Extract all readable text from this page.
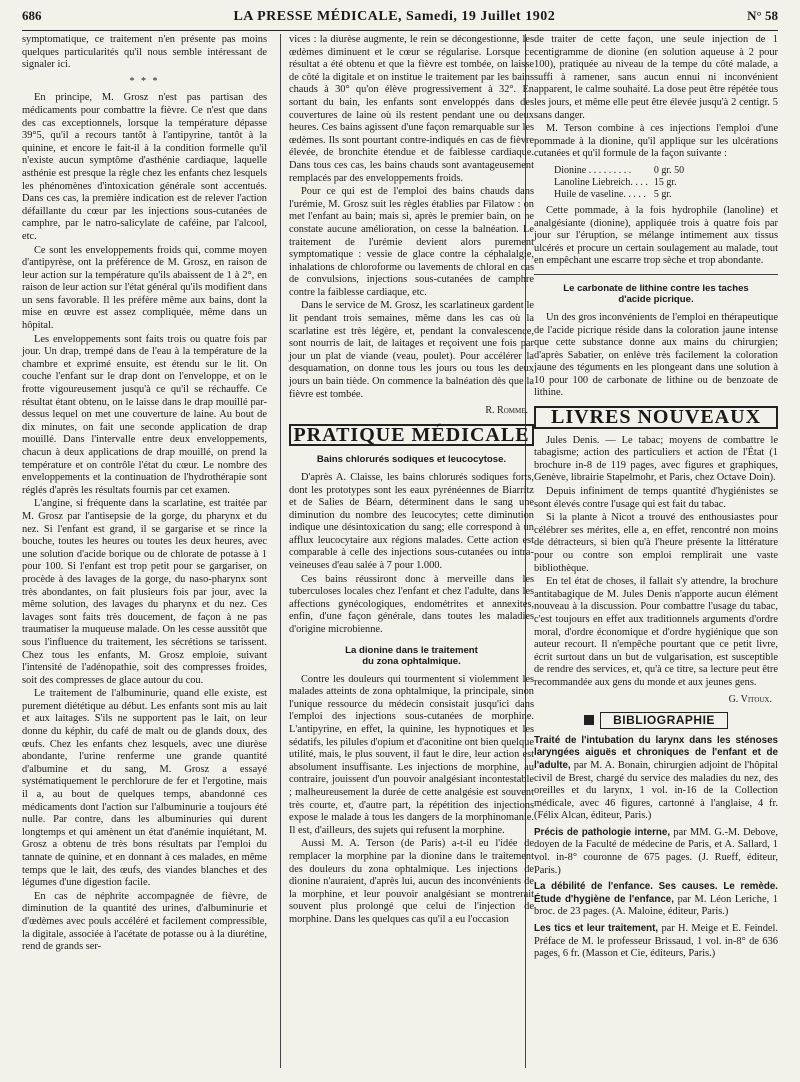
686	LA PRESSE MÉDICALE, Samedi, 19 Juillet 1902	N° 58

symptomatique, ce traitement n'en présente pas moins quelques particularités qu'il nous semble intéressant de signaler ici.

* * *

En principe, M. Grosz n'est pas partisan des médicaments pour combattre la fièvre. Ce n'est que dans des cas exceptionnels, lorsque la température dépasse 39°5, qu'il a recours tantôt à l'antipyrine, tantôt à la quinine, et encore le fait-il à la condition formelle qu'il n'existe aucun symptôme d'asthénie cardiaque, laquelle asthénie est presque la règle chez les enfants chez lesquels les phénomènes d'intoxication générale sont accentués. Dans ces cas, la première indication est de relever l'action défaillante du cœur par les injections sous-cutanées de camphre, par le natro-salicylate de caféine, par l'alcool, etc.

Ce sont les enveloppements froids qui, comme moyen d'antipyrèse, ont la préférence de M. Grosz, en raison de leur action sur la température qu'ils abaissent de 1 à 2°, en raison de leur action sur l'état général qu'ils modifient dans un sens favorable. Il les préfère même aux bains, dont la mise en œuvre est assez compliquée, même dans un hôpital.

Les enveloppements sont faits trois ou quatre fois par jour. Un drap, trempé dans de l'eau à la température de la chambre et exprimé ensuite, est étendu sur le lit. On couche l'enfant sur le drap dont on l'enveloppe, et on le frotte vigoureusement jusqu'à ce qu'il se réchauffe. Ce résultat étant obtenu, on le laisse dans le drap mouillé par-dessus lequel on met une couverture de laine. Au bout de dix minutes, on fait une seconde application de drap mouillé. Dans l'intervalle entre deux enveloppements, chacun à deux applications de drap mouillé, on prend la température et on contrôle l'état du cœur. Le nombre des enveloppements et la continuation de l'hydrothérapie sont réglés d'après les résultats fournis par cet examen.

L'angine, si fréquente dans la scarlatine, est traitée par M. Grosz par l'antisepsie de la gorge, du pharynx et du nez. Si l'enfant est grand, il se gargarise et se rince la bouche, toutes les heures ou toutes les deux heures, avec une solution d'acide borique ou de chlorate de potasse à 1 pour 100. Si l'enfant est trop petit pour se gargariser, on procède à des lavages de la gorge, du naso-pharynx sont très abondantes, on fait plusieurs fois par jour, avec la même solution, des lavages du pharynx et du nez. Ces lavages sont faits très doucement, de façon à ne pas traumatiser la muqueuse malade. On les cesse aussitôt que sous l'influence du traitement, les sécrétions se tarissent. Chez tous les enfants, M. Grosz emploie, suivant l'intensité de l'adénopathie, soit des compresses froides, soit des compresses de glace autour du cou.

Le traitement de l'albuminurie, quand elle existe, est purement diététique au début. Les enfants sont mis au lait et aux laitages. S'ils ne supportent pas le lait, on leur donne du képhir, du café de malt ou de glands doux, des œufs. Chez les enfants chez lesquels, avec une diurèse abondante, l'urine renferme une grande quantité d'albumine et du sang, M. Grosz a essayé systématiquement le perchlorure de fer et l'ergotine, mais il a, au bout de quelques temps, abandonné ces médicaments dont l'action sur l'albuminurie a toujours été nulle. Par contre, dans les albuminuries qui durent longtemps et qui amènent un état d'anémie inquiétant, M. Grosz a obtenu de très bons résultats par l'emploi du tannate de quinine, et en donnant à ces malades, en même temps que le lait, des œufs, des viandes blanches et des légumes d'une digestion facile.

En cas de néphrite accompagnée de fièvre, de diminution de la quantité des urines, d'albuminurie et d'œdèmes avec pouls accéléré et facilement compressible, la digitale, associée à l'acétate de potasse ou à la diurétine, rend de grands ser-

vices : la diurèse augmente, le rein se décongestionne, les œdèmes diminuent et le cœur se régularise. Lorsque ce résultat a été obtenu et que la fièvre est tombée, on laisse de côté la digitale et on institue le traitement par les bains chauds à 30° qu'on élève progressivement à 32°. En sortant du bain, les enfants sont enveloppés dans des couvertures de laine où ils restent pendant une ou deux heures. Ces bains agissent d'une façon remarquable sur les œdèmes. Ils sont pourtant contre-indiqués en cas de fièvre élevée, de bronchite étendue et de faiblesse cardiaque. Dans tous ces cas, les bains chauds sont avantageusement remplacés par des enveloppements froids.

Pour ce qui est de l'emploi des bains chauds dans l'urémie, M. Grosz suit les règles établies par Filatow : on met l'enfant au bain; mais si, après le premier bain, on ne constate aucune amélioration, on cesse la balnéation. Le traitement de l'urémie devient alors purement symptomatique : vessie de glace contre la céphalalgie, inhalations de chloroforme ou lavements de chloral en cas de convulsions, injections sous-cutanées de camphre contre la faiblesse cardiaque, etc.

Dans le service de M. Grosz, les scarlatineux gardent le lit pendant trois semaines, même dans les cas où la scarlatine est très légère, et, pendant la convalescence, sont nourris de lait, de laitages et reçoivent une fois par jour un plat de viande (veau, poulet). Pour accélérer la desquamation, on donne tous les jours ou tous les deux jours un bain tiède. On commence la balnéation dès que la fièvre est tombée.

R. Romme.
PRATIQUE MÉDICALE
Bains chlorurés sodiques et leucocytose.

D'après A. Claisse, les bains chlorurés sodiques forts, dont les prototypes sont les eaux pyrénéennes de Biarritz et de Salies de Béarn, déterminent dans le sang une diminution du nombre des leucocytes; cette diminution indique une désintoxication du sang; elle correspond à un afflux leucocytaire aux régions malades. Cette action est comparable à celle des injections sous-cutanées ou intra-veineuses d'eau salée à 7 pour 1.000.

Ces bains réussiront donc à merveille dans les tuberculoses locales chez l'enfant et chez l'adulte, dans les affections gynécologiques, endométrites et annexites, enfin, d'une façon générale, dans toutes les maladies d'origine microbienne.

La dionine dans le traitement
du zona ophtalmique.

Contre les douleurs qui tourmentent si violemment les malades atteints de zona ophtalmique, la principale, sinon l'unique ressource du médecin consistait jusqu'ici dans l'emploi des injections sous-cutanées de morphine. L'antipyrine, en effet, la quinine, les hypnotiques et les sédatifs, les pilules d'opium et d'aconitine ont bien quelque utilité, mais, le plus souvent, il faut le dire, leur action est absolument insuffisante. Les injections de morphine, au contraire, jouissent d'un pouvoir analgésiant incontestable ; malheureusement la durée de cette analgésie est souvent très courte, et, d'autre part, la répétition des injections expose le malade à tous les dangers de la morphinomanie. Il est, d'ailleurs, des sujets qui refusent la morphine.

Aussi M. A. Terson (de Paris) a-t-il eu l'idée de remplacer la morphine par la dionine dans le traitement des douleurs du zona ophtalmique. Les injections de dionine n'auraient, d'après lui, aucun des inconvénients de la morphine, et leur pouvoir analgésiant se montrerait souvent plus prolongé que celui de l'injection de morphine. Dans les quelques cas qu'il a eu l'occasion

de traiter de cette façon, une seule injection de 1 centigramme de dionine (en solution aqueuse à 2 pour 100), pratiquée au niveau de la tempe du côté malade, a suffi à ramener, sans aucun ennui ni inconvénient apparent, le calme souhaité. La dose peut être répétée tous les jours, et même elle peut être élevée jusqu'à 2 centigr. 5 sans danger.

M. Terson combine à ces injections l'emploi d'une pommade à la dionine, qu'il applique sur les ulcérations cutanées et qu'il formule de la façon suivante :

Dionine . . . . . . . . .	0 gr. 50
Lanoline Liebreich. . . .	15 gr.
Huile de vaseline. . . . .	5 gr.

Cette pommade, à la fois hydrophile (lanoline) et analgésiante (dionine), appliquée trois à quatre fois par jour sur l'éruption, se mélange intimement aux tissus ulcérés et procure un certain soulagement au malade, tout en empêchant une escarre trop sèche et trop abondante.

Le carbonate de lithine contre les taches
d'acide picrique.

Un des gros inconvénients de l'emploi en thérapeutique de l'acide picrique réside dans la coloration jaune intense que cette substance donne aux mains du chirurgien; d'après Sabatier, on enlève très facilement la coloration jaune des téguments en les plongeant dans une solution à 10 pour 100 de carbonate de lithine ou de benzoate de lithine.

LIVRES NOUVEAUX

Jules Denis. — Le tabac; moyens de combattre le tabagisme; action des particuliers et action de l'État (1 brochure in-8 de 119 pages, avec figures et graphiques, Genève, librairie Stapelmohr, et Paris, chez Octave Doin).

Depuis infiniment de temps quantité d'hygiénistes se sont élevés contre l'usage qui est fait du tabac.

Si la plante à Nicot a trouvé des enthousiastes pour célébrer ses mérites, elle a, en effet, rencontré non moins de détracteurs, si bien qu'à l'heure présente la littérature pour ou contre son emploi remplirait une vaste bibliothèque.

En tel état de choses, il fallait s'y attendre, la brochure antitabagique de M. Jules Denis n'apporte aucun élément nouveau à la discussion. Pour combattre l'usage du tabac, c'est toujours en effet aux traditionnels arguments d'ordre moral, d'ordre économique et d'ordre hygiénique que son auteur recourt. Il n'empêche pourtant que ce petit livre, écrit surtout dans un but de vulgarisation, est susceptible de rendre des services, et, qu'à ce titre, sa lecture peut être recommandée aux gens du monde et aux jeunes gens.

G. Vitoux.
BIBLIOGRAPHIE

Traité de l'intubation du larynx dans les sténoses laryngées aiguës et chroniques de l'enfant et de l'adulte, par M. A. Bonain, chirurgien adjoint de l'hôpital civil de Brest, chargé du service des maladies du nez, des oreilles et du larynx, 1 vol. in-16 de la Collection médicale, avec 46 figures, cartonné à l'anglaise, 4 fr. (Félix Alcan, éditeur, Paris.)

Précis de pathologie interne, par MM. G.-M. Debove, doyen de la Faculté de médecine de Paris, et A. Sallard, 1 vol. in-8° couronne de 675 pages. (J. Rueff, éditeur, Paris.)

La débilité de l'enfance. Ses causes. Le remède. Étude d'hygiène de l'enfance, par M. Léon Leriche, 1 broc. de 23 pages. (A. Maloine, éditeur, Paris.)

Les tics et leur traitement, par H. Meige et E. Feindel. Préface de M. le professeur Brissaud, 1 vol. in-8° de 636 pages, 6 fr. (Masson et Cie, éditeurs, Paris.)
